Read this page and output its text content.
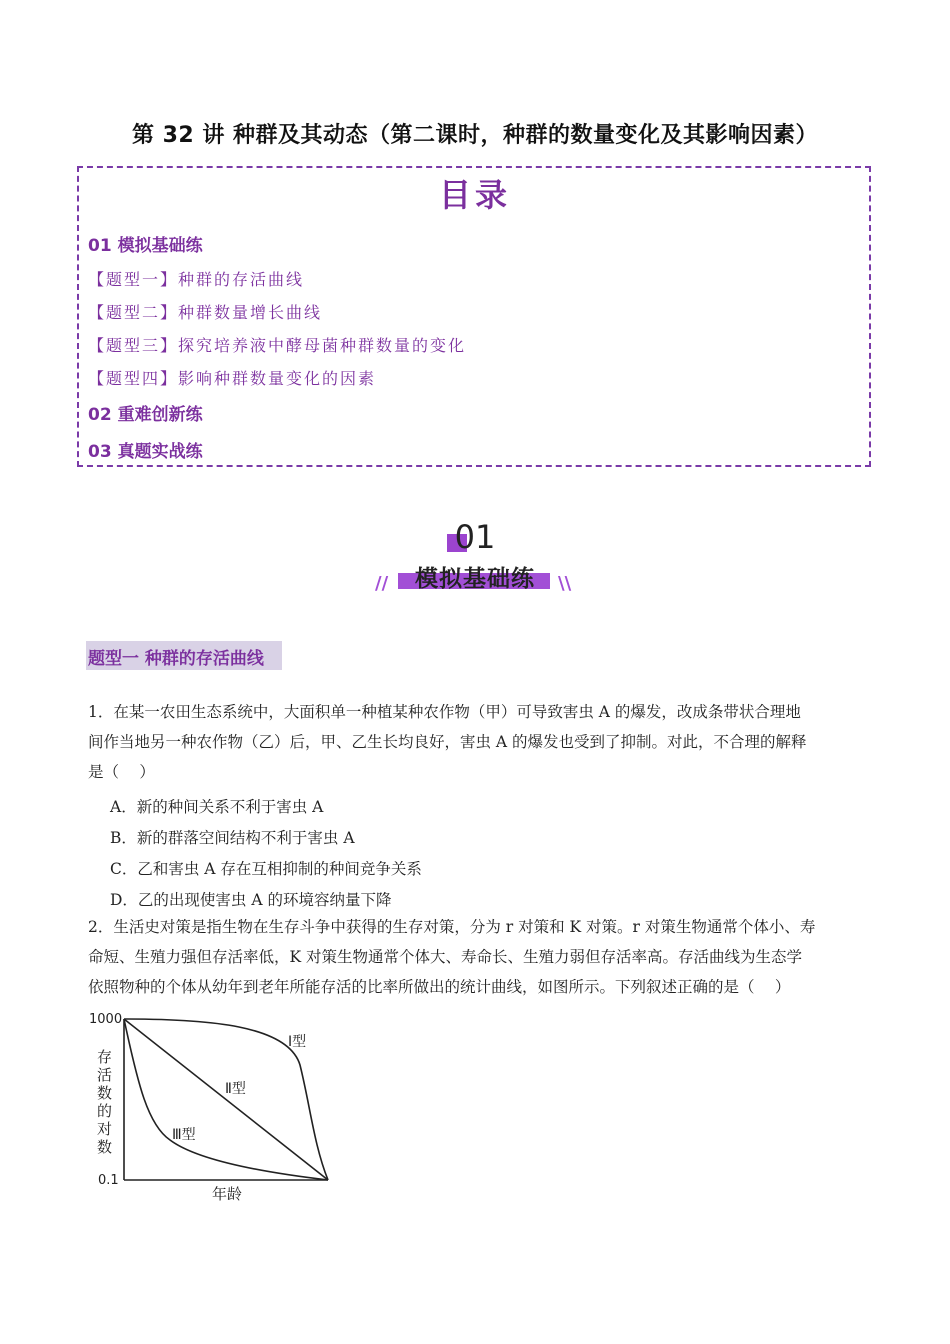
第 32 讲 种群及其动态（第二课时，种群的数量变化及其影响因素）
目录
01 模拟基础练
【题型一】种群的存活曲线
【题型二】种群数量增长曲线
【题型三】探究培养液中酵母菌种群数量的变化
【题型四】影响种群数量变化的因素
02 重难创新练
03 真题实战练
01
模拟基础练
//	\\
题型一 种群的存活曲线
1．在某一农田生态系统中，大面积单一种植某种农作物（甲）可导致害虫 A 的爆发，改成条带状合理地
间作当地另一种农作物（乙）后，甲、乙生长均良好，害虫 A 的爆发也受到了抑制。对此，不合理的解释
是（　 ）
A．新的种间关系不利于害虫 A
B．新的群落空间结构不利于害虫 A
C．乙和害虫 A 存在互相抑制的种间竞争关系
D．乙的出现使害虫 A 的环境容纳量下降
2．生活史对策是指生物在生存斗争中获得的生存对策，分为 r 对策和 K 对策。r 对策生物通常个体小、寿
命短、生殖力强但存活率低，K 对策生物通常个体大、寿命长、生殖力弱但存活率高。存活曲线为生态学
依照物种的个体从幼年到老年所能存活的比率所做出的统计曲线，如图所示。下列叙述正确的是（　 ）
1000
0.1
Ⅰ型
Ⅱ型
Ⅲ型
年龄
存
活
数
的
对
数
